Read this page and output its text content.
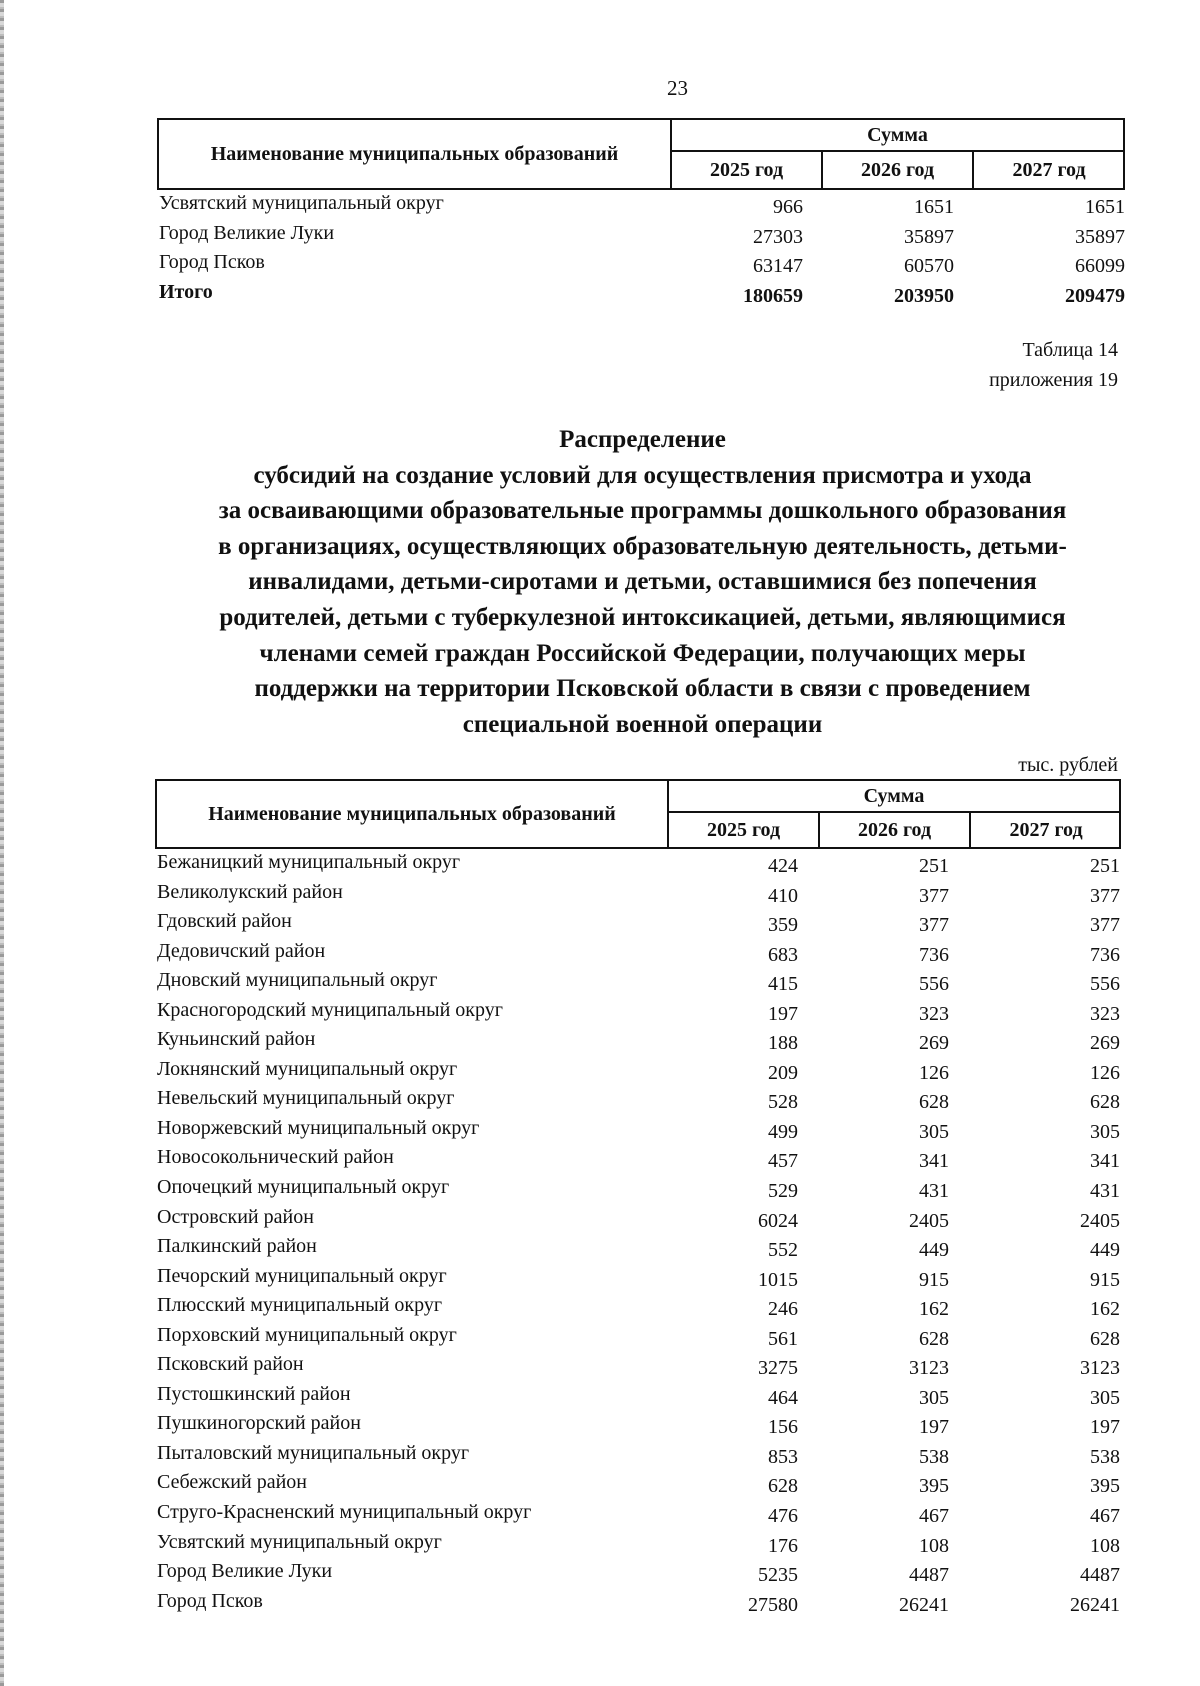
23
Наименование муниципальных образований
Сумма
2025 год	2026 год	2027 год
Усвятский муниципальный округ	966	1651	1651
Город Великие Луки	27303	35897	35897
Город Псков	63147	60570	66099
Итого	180659	203950	209479
Таблица 14
приложения 19
Распределение
субсидий на создание условий для осуществления присмотра и ухода
за осваивающими образовательные программы дошкольного образования
в организациях, осуществляющих образовательную деятельность, детьми-
инвалидами, детьми-сиротами и детьми, оставшимися без попечения
родителей, детьми с туберкулезной интоксикацией, детьми, являющимися
членами семей граждан Российской Федерации, получающих меры
поддержки на территории Псковской области в связи с проведением
специальной военной операции
тыс. рублей
Наименование муниципальных образований
Сумма
2025 год	2026 год	2027 год
Бежаницкий муниципальный округ	424	251	251
Великолукский район	410	377	377
Гдовский район	359	377	377
Дедовичский район	683	736	736
Дновский муниципальный округ	415	556	556
Красногородский муниципальный округ	197	323	323
Куньинский район	188	269	269
Локнянский муниципальный округ	209	126	126
Невельский муниципальный округ	528	628	628
Новоржевский муниципальный округ	499	305	305
Новосокольнический район	457	341	341
Опочецкий муниципальный округ	529	431	431
Островский район	6024	2405	2405
Палкинский район	552	449	449
Печорский муниципальный округ	1015	915	915
Плюсский муниципальный округ	246	162	162
Порховский муниципальный округ	561	628	628
Псковский район	3275	3123	3123
Пустошкинский район	464	305	305
Пушкиногорский район	156	197	197
Пыталовский муниципальный округ	853	538	538
Себежский район	628	395	395
Струго-Красненский муниципальный округ	476	467	467
Усвятский муниципальный округ	176	108	108
Город Великие Луки	5235	4487	4487
Город Псков	27580	26241	26241
